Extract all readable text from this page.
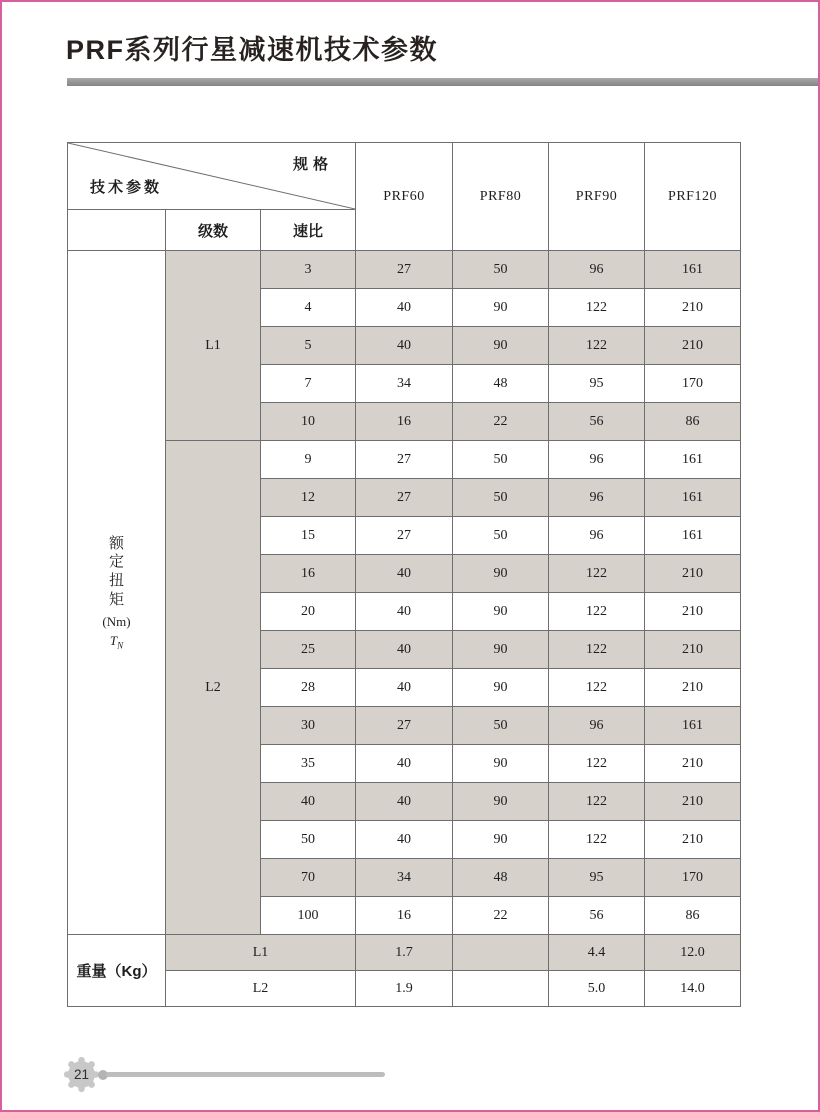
PRF系列行星减速机技术参数
规格
技术参数			PRF60	PRF80	PRF90	PRF120
	级数	速比				

额定扭矩
(Nm)
$T_N$	L1	3	27	50	96	161
		4	40	90	122	210
		5	40	90	122	210
		7	34	48	95	170
		10	16	22	56	86
	L2	9	27	50	96	161
		12	27	50	96	161
		15	27	50	96	161
		16	40	90	122	210
		20	40	90	122	210
		25	40	90	122	210
		28	40	90	122	210
		30	27	50	96	161
		35	40	90	122	210
		40	40	90	122	210
		50	40	90	122	210
		70	34	48	95	170
		100	16	22	56	86
重量（Kg）	L1		1.7		4.4	12.0
	L2		1.9		5.0	14.0
21
